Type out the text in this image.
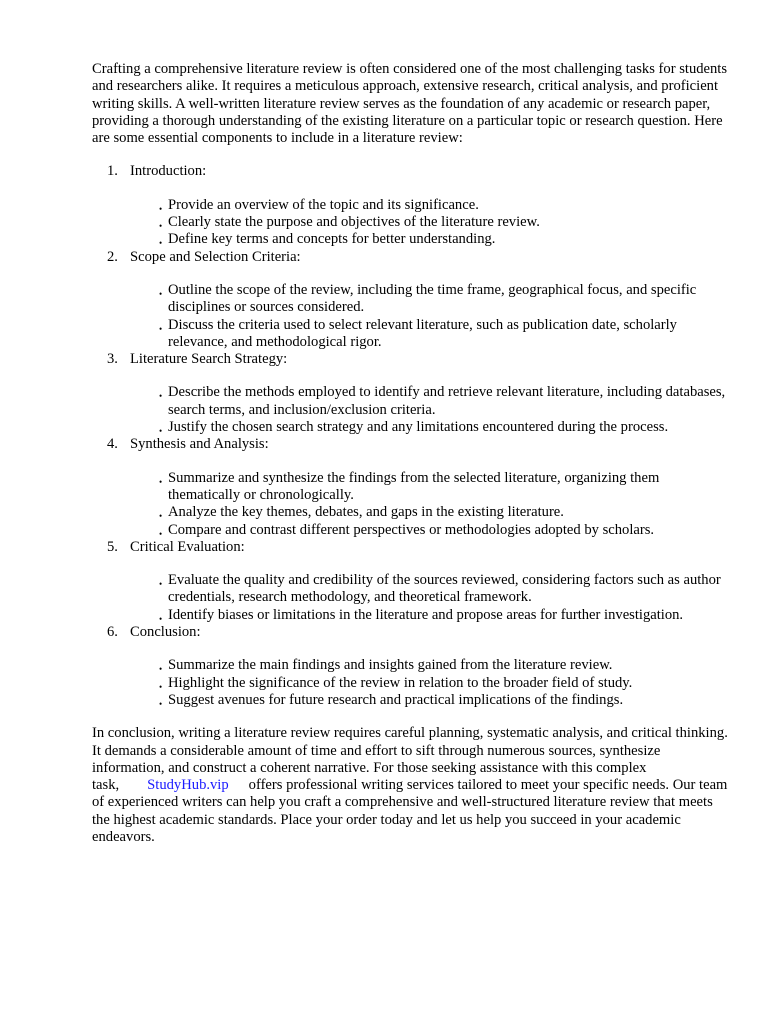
Crafting a comprehensive literature review is often considered one of the most challenging tasks for students and researchers alike. It requires a meticulous approach, extensive research, critical analysis, and proficient writing skills. A well-written literature review serves as the foundation of any academic or research paper, providing a thorough understanding of the existing literature on a particular topic or research question. Here are some essential components to include in a literature review:

1. Introduction:
• Provide an overview of the topic and its significance.
• Clearly state the purpose and objectives of the literature review.
• Define key terms and concepts for better understanding.
2. Scope and Selection Criteria:
• Outline the scope of the review, including the time frame, geographical focus, and specific disciplines or sources considered.
• Discuss the criteria used to select relevant literature, such as publication date, scholarly relevance, and methodological rigor.
3. Literature Search Strategy:
• Describe the methods employed to identify and retrieve relevant literature, including databases, search terms, and inclusion/exclusion criteria.
• Justify the chosen search strategy and any limitations encountered during the process.
4. Synthesis and Analysis:
• Summarize and synthesize the findings from the selected literature, organizing them thematically or chronologically.
• Analyze the key themes, debates, and gaps in the existing literature.
• Compare and contrast different perspectives or methodologies adopted by scholars.
5. Critical Evaluation:
• Evaluate the quality and credibility of the sources reviewed, considering factors such as author credentials, research methodology, and theoretical framework.
• Identify biases or limitations in the literature and propose areas for further investigation.
6. Conclusion:
• Summarize the main findings and insights gained from the literature review.
• Highlight the significance of the review in relation to the broader field of study.
• Suggest avenues for future research and practical implications of the findings.

In conclusion, writing a literature review requires careful planning, systematic analysis, and critical thinking. It demands a considerable amount of time and effort to sift through numerous sources, synthesize information, and construct a coherent narrative. For those seeking assistance with this complex task, StudyHub.vip offers professional writing services tailored to meet your specific needs. Our team of experienced writers can help you craft a comprehensive and well-structured literature review that meets the highest academic standards. Place your order today and let us help you succeed in your academic endeavors.
